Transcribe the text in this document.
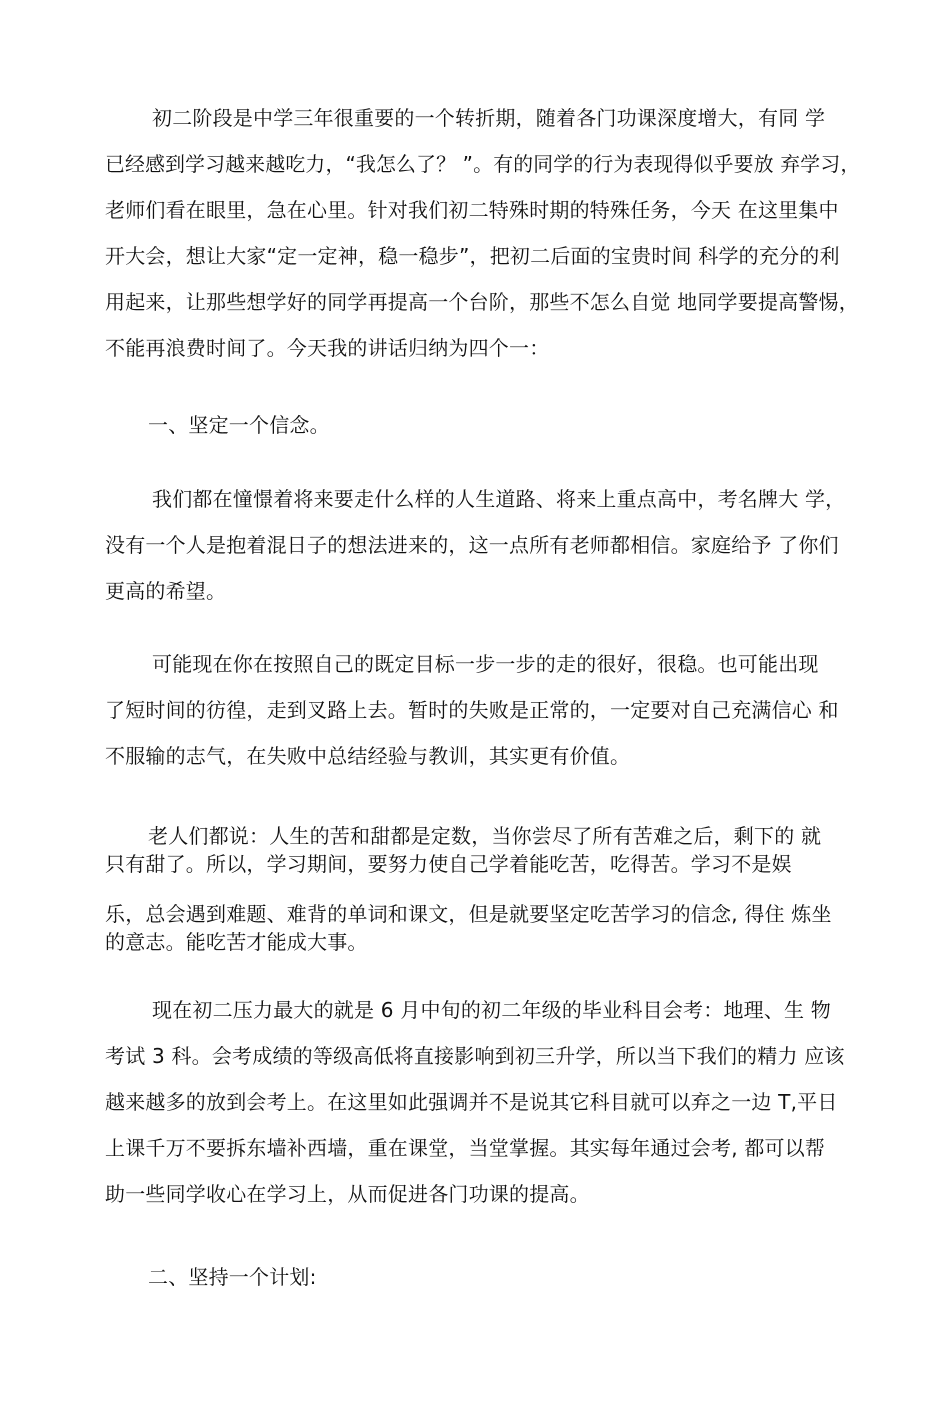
初二阶段是中学三年很重要的一个转折期，随着各门功课深度增大，有同 学
已经感到学习越来越吃力，“我怎么了？ ”。有的同学的行为表现得似乎要放 弃学习，
老师们看在眼里，急在心里。针对我们初二特殊时期的特殊任务，今天 在这里集中
开大会，想让大家“定一定神，稳一稳步”，把初二后面的宝贵时间 科学的充分的利
用起来，让那些想学好的同学再提高一个台阶，那些不怎么自觉 地同学要提高警惕，
不能再浪费时间了。今天我的讲话归纳为四个一：
一、坚定一个信念。
我们都在憧憬着将来要走什么样的人生道路、将来上重点高中，考名牌大 学，
没有一个人是抱着混日子的想法进来的，这一点所有老师都相信。家庭给予 了你们
更高的希望。
可能现在你在按照自己的既定目标一步一步的走的很好，很稳。也可能出现
了短时间的彷徨，走到叉路上去。暂时的失败是正常的，一定要对自己充满信心 和
不服输的志气，在失败中总结经验与教训，其实更有价值。
老人们都说：人生的苦和甜都是定数，当你尝尽了所有苦难之后，剩下的 就
只有甜了。所以，学习期间，要努力使自己学着能吃苦，吃得苦。学习不是娱
乐，总会遇到难题、难背的单词和课文，但是就要坚定吃苦学习的信念, 得住 炼坐
的意志。能吃苦才能成大事。
现在初二压力最大的就是 6 月中旬的初二年级的毕业科目会考：地理、生 物
考试 3 科。会考成绩的等级高低将直接影响到初三升学，所以当下我们的精力 应该
越来越多的放到会考上。在这里如此强调并不是说其它科目就可以弃之一边 T,平日
上课千万不要拆东墙补西墙，重在课堂，当堂掌握。其实每年通过会考, 都可以帮
助一些同学收心在学习上，从而促进各门功课的提高。
二、坚持一个计划:
